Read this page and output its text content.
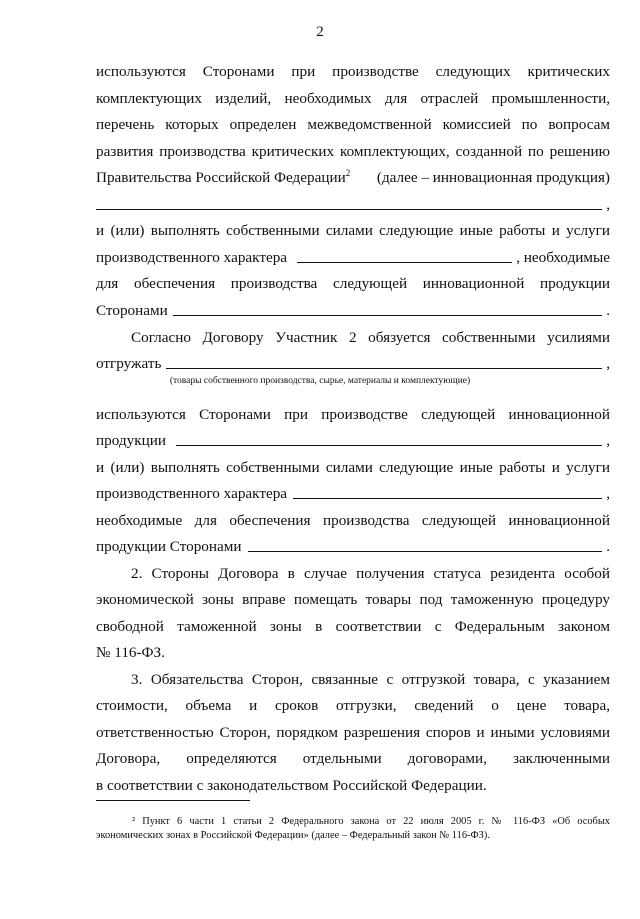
2
используются Сторонами при производстве следующих критических
комплектующих изделий, необходимых для отраслей промышленности,
перечень которых определен межведомственной комиссией по вопросам
развития производства критических комплектующих, созданной по решению
Правительства Российской Федерации$^2$ (далее – инновационная продукция)
,
и (или) выполнять собственными силами следующие иные работы и услуги
производственного характера	, необходимые
для обеспечения производства следующей инновационной продукции
Сторонами	.
Согласно Договору Участник 2 обязуется собственными усилиями
отгружать	,
(товары собственного производства, сырье, материалы и комплектующие)
используются Сторонами при производстве следующей инновационной
продукции	,
и (или) выполнять собственными силами следующие иные работы и услуги
производственного характера	,
необходимые для обеспечения производства следующей инновационной
продукции Сторонами	.
2. Стороны Договора в случае получения статуса резидента особой
экономической зоны вправе помещать товары под таможенную процедуру
свободной таможенной зоны в соответствии с Федеральным законом
№ 116-ФЗ.
3. Обязательства Сторон, связанные с отгрузкой товара, с указанием
стоимости, объема и сроков отгрузки, сведений о цене товара,
ответственностью Сторон, порядком разрешения споров и иными условиями
Договора, определяются отдельными договорами, заключенными
в соответствии с законодательством Российской Федерации.
² Пункт 6 части 1 статьи 2 Федерального закона от 22 июля 2005 г. № 116-ФЗ «Об особых
экономических зонах в Российской Федерации» (далее – Федеральный закон № 116-ФЗ).
